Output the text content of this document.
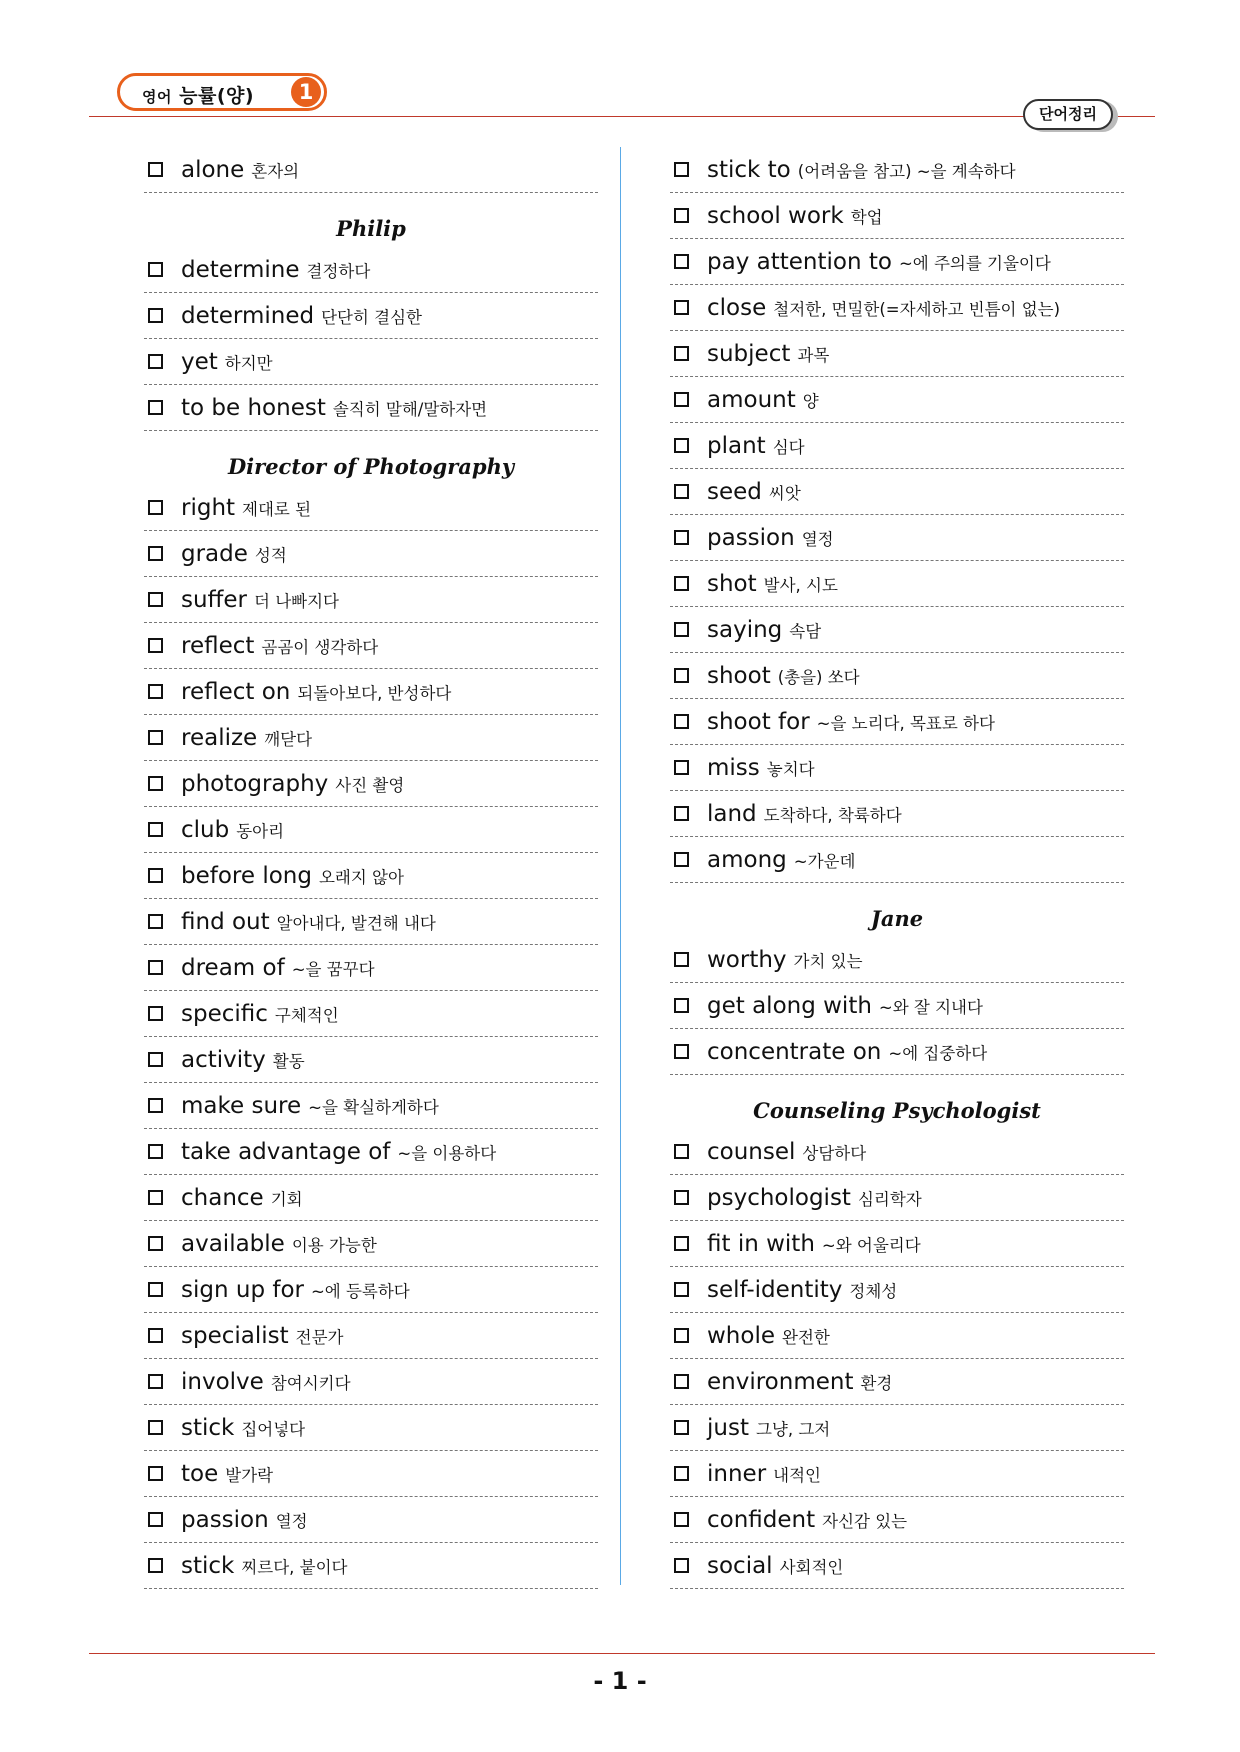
영어 능률(양)	1
단어정리
alone 혼자의
Philip
determine 결정하다
determined 단단히 결심한
yet 하지만
to be honest 솔직히 말해/말하자면
Director of Photography
right 제대로 된
grade 성적
suffer 더 나빠지다
reflect 곰곰이 생각하다
reflect on 되돌아보다, 반성하다
realize 깨닫다
photography 사진 촬영
club 동아리
before long 오래지 않아
find out 알아내다, 발견해 내다
dream of ~을 꿈꾸다
specific 구체적인
activity 활동
make sure ~을 확실하게하다
take advantage of ~을 이용하다
chance 기회
available 이용 가능한
sign up for ~에 등록하다
specialist 전문가
involve 참여시키다
stick 집어넣다
toe 발가락
passion 열정
stick 찌르다, 붙이다
stick to (어려움을 참고) ~을 계속하다
school work 학업
pay attention to ~에 주의를 기울이다
close 철저한, 면밀한(=자세하고 빈틈이 없는)
subject 과목
amount 양
plant 심다
seed 씨앗
passion 열정
shot 발사, 시도
saying 속담
shoot (총을) 쏘다
shoot for ~을 노리다, 목표로 하다
miss 놓치다
land 도착하다, 착륙하다
among ~가운데
Jane
worthy 가치 있는
get along with ~와 잘 지내다
concentrate on ~에 집중하다
Counseling Psychologist
counsel 상담하다
psychologist 심리학자
fit in with ~와 어울리다
self-identity 정체성
whole 완전한
environment 환경
just 그냥, 그저
inner 내적인
confident 자신감 있는
social 사회적인
- 1 -
